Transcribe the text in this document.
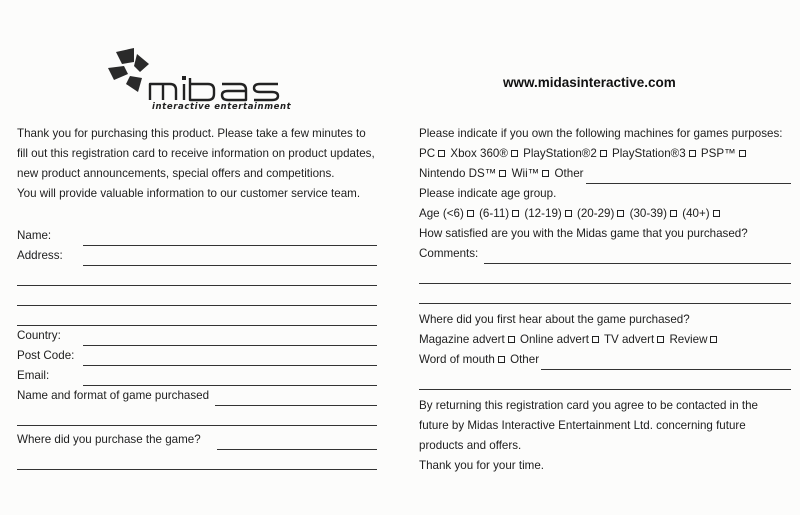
interactive entertainment
www.midasinteractive.com

Thank you for purchasing this product. Please take a few minutes to
fill out this registration card to receive information on product updates,
new product announcements, special offers and competitions.
You will provide valuable information to our customer service team.

Name:
Address:
Country:
Post Code:
Email:
Name and format of game purchased
Where did you purchase the game?
Please indicate if you own the following machines for games purposes:
PC Xbox 360® PlayStation®2 PlayStation®3 PSP™
Nintendo DS™ Wii™ Other
Please indicate age group.
Age (<6) (6-11) (12-19) (20-29) (30-39) (40+)
How satisfied are you with the Midas game that you purchased?
Comments:
Where did you first hear about the game purchased?
Magazine advert Online advert TV advert Review
Word of mouth Other

By returning this registration card you agree to be contacted in the
future by Midas Interactive Entertainment Ltd. concerning future
products and offers.
Thank you for your time.
